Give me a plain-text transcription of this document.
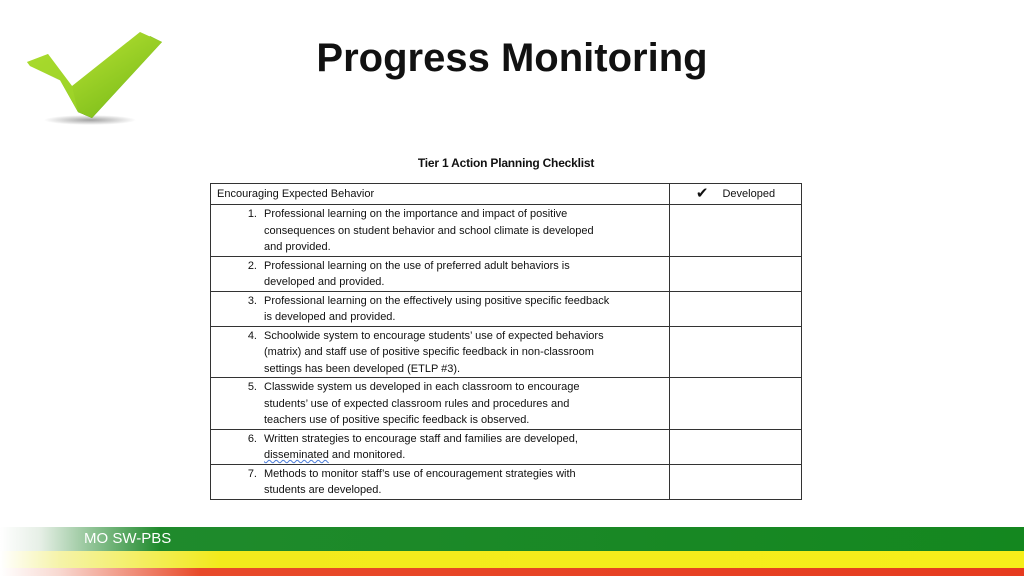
Progress Monitoring
Tier 1 Action Planning Checklist
Encouraging Expected Behavior	✔ Developed

1. Professional learning on the importance and impact of positive
consequences on student behavior and school climate is developed
and provided.	

2. Professional learning on the use of preferred adult behaviors is
developed and provided.	

3. Professional learning on the effectively using positive specific feedback
is developed and provided.	

4. Schoolwide system to encourage students’ use of expected behaviors
(matrix) and staff use of positive specific feedback in non-classroom
settings has been developed (ETLP #3).	

5. Classwide system us developed in each classroom to encourage
students’ use of expected classroom rules and procedures and
teachers use of positive specific feedback is observed.	

6. Written strategies to encourage staff and families are developed,
disseminated and monitored.	

7. Methods to monitor staff’s use of encouragement strategies with
students are developed.	

MO SW-PBS
